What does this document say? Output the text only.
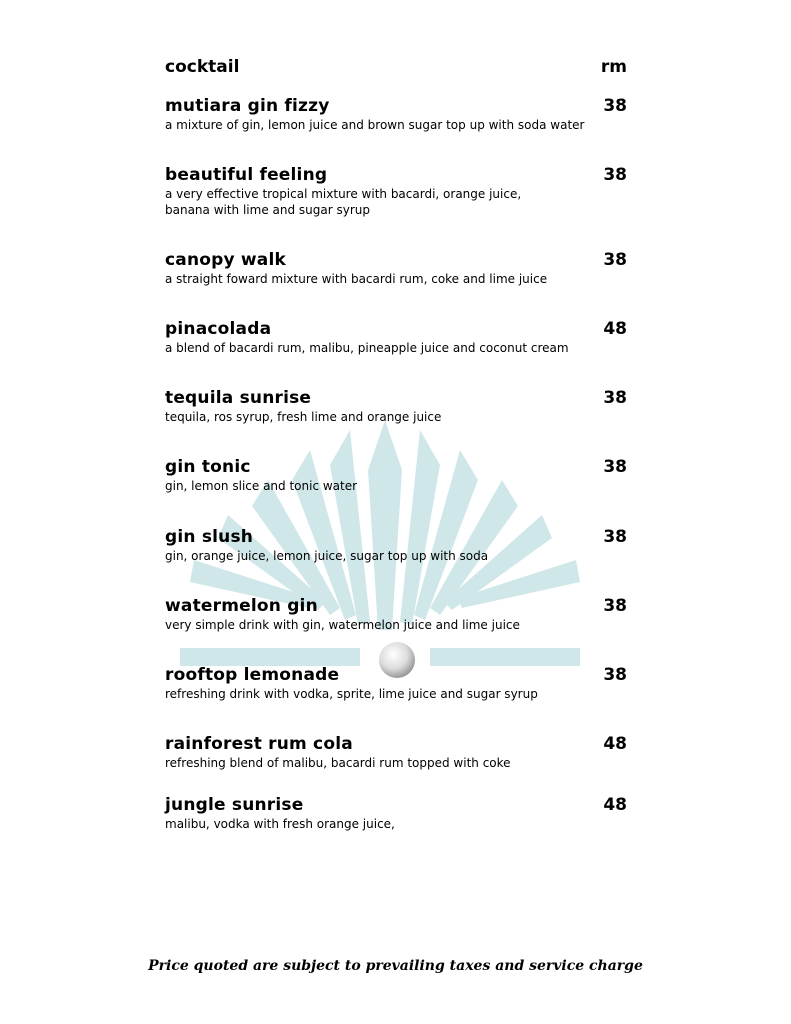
cocktail	rm
mutiara gin fizzy	38
a mixture of gin, lemon juice and brown sugar top up with soda water
beautiful feeling	38
a very effective tropical mixture with bacardi, orange juice,
banana with lime and sugar syrup
canopy walk	38
a straight foward mixture with bacardi rum, coke and lime juice
pinacolada	48
a blend of bacardi rum, malibu, pineapple juice and coconut cream
tequila sunrise	38
tequila, ros syrup, fresh lime and orange juice
gin tonic	38
gin, lemon slice and tonic water
gin slush	38
gin, orange juice, lemon juice, sugar top up with soda
watermelon gin	38
very simple drink with gin, watermelon juice and lime juice
rooftop lemonade	38
refreshing drink with vodka, sprite, lime juice and sugar syrup
rainforest rum cola	48
refreshing blend of malibu, bacardi rum topped with coke
jungle sunrise	48
malibu, vodka with fresh orange juice,
Price quoted are subject to prevailing taxes and service charge
